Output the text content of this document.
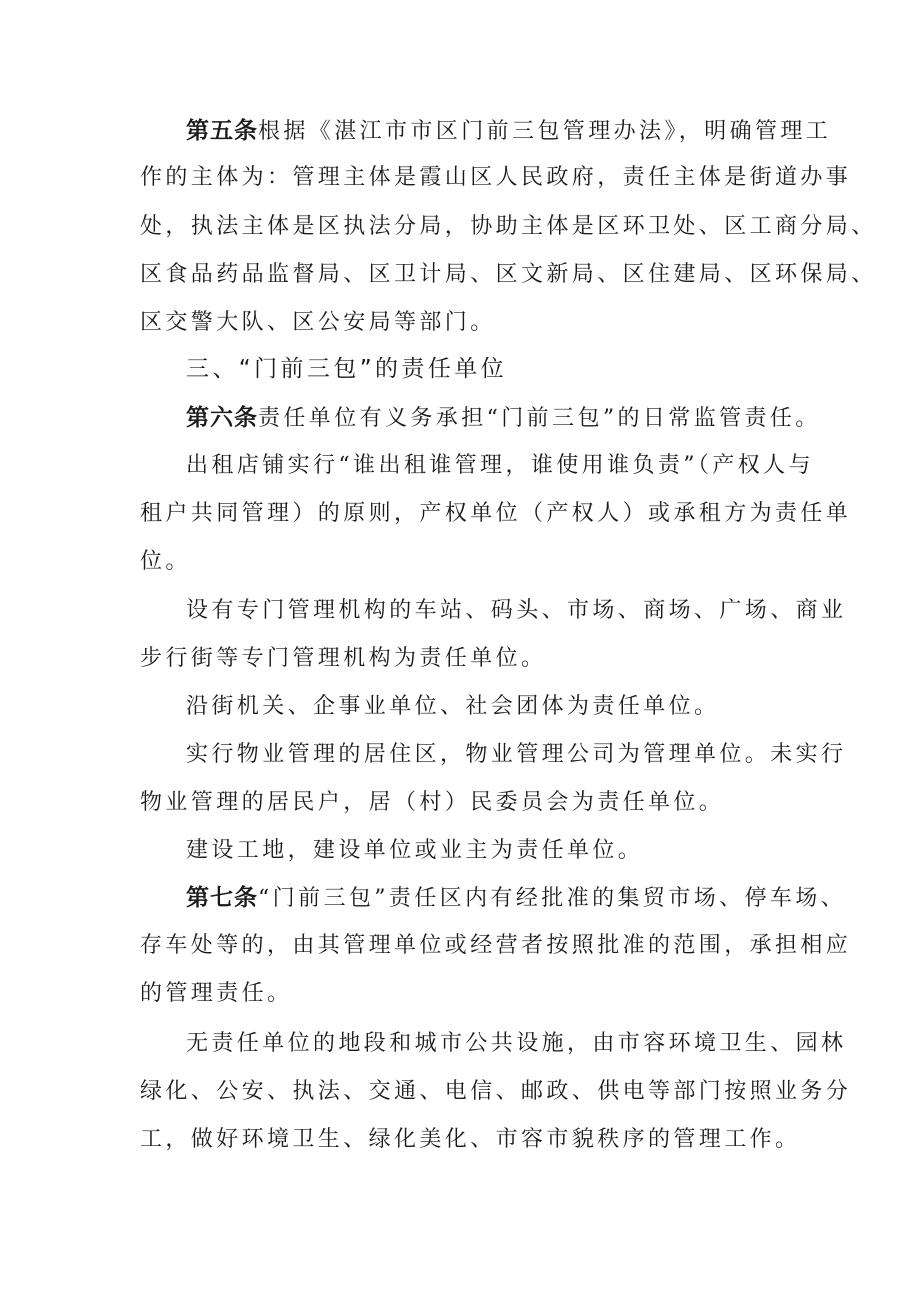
第五条根据《湛江市市区门前三包管理办法》，明确管理工
作的主体为：管理主体是霞山区人民政府，责任主体是街道办事
处，执法主体是区执法分局，协助主体是区环卫处、区工商分局、
区食品药品监督局、区卫计局、区文新局、区住建局、区环保局、
区交警大队、区公安局等部门。
三、“门前三包”的责任单位
第六条责任单位有义务承担“门前三包”的日常监管责任。
出租店铺实行“谁出租谁管理，谁使用谁负责”（产权人与
租户共同管理）的原则，产权单位（产权人）或承租方为责任单
位。
设有专门管理机构的车站、码头、市场、商场、广场、商业
步行街等专门管理机构为责任单位。
沿街机关、企事业单位、社会团体为责任单位。
实行物业管理的居住区，物业管理公司为管理单位。未实行
物业管理的居民户，居（村）民委员会为责任单位。
建设工地，建设单位或业主为责任单位。
第七条“门前三包”责任区内有经批准的集贸市场、停车场、
存车处等的，由其管理单位或经营者按照批准的范围，承担相应
的管理责任。
无责任单位的地段和城市公共设施，由市容环境卫生、园林
绿化、公安、执法、交通、电信、邮政、供电等部门按照业务分
工，做好环境卫生、绿化美化、市容市貌秩序的管理工作。
